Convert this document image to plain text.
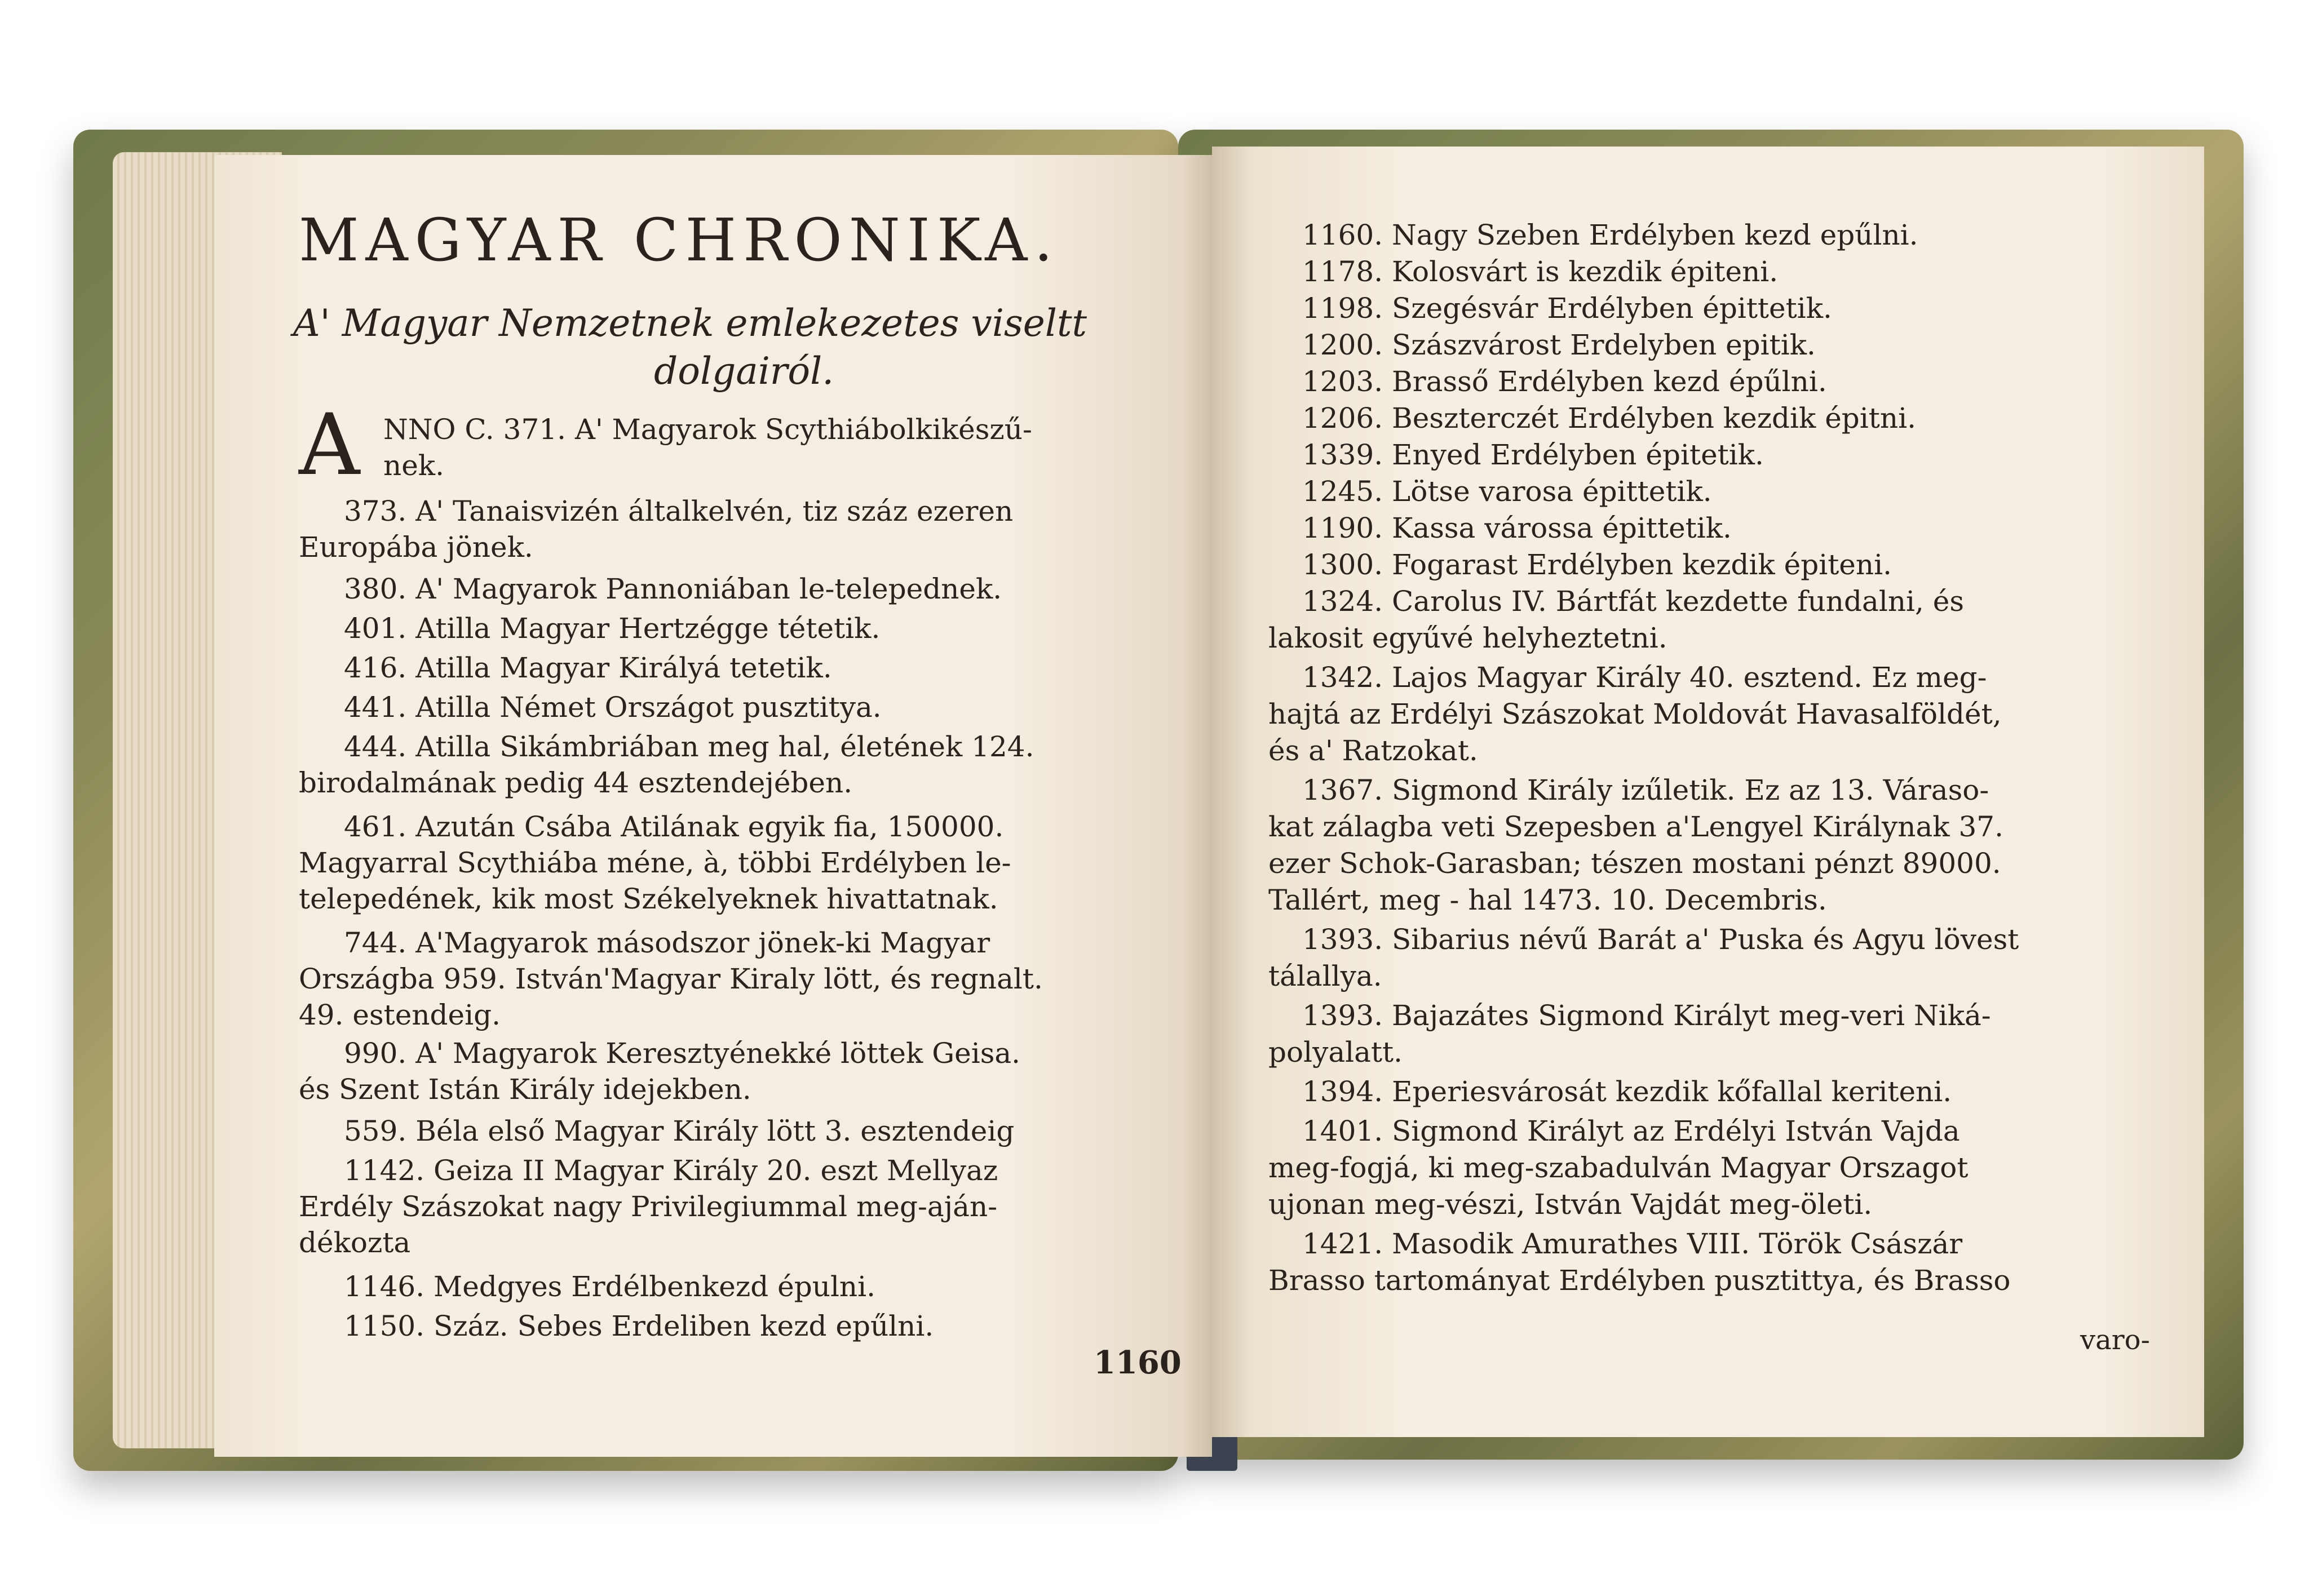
MAGYAR CHRONIKA.
A' Magyar Nemzetnek emlekezetes viseltt
dolgairól.
A NNO C. 371. A' Magyarok Scythiábolkikészű-
nek.
373. A' Tanaisvizén általkelvén, tiz száz ezeren
Europába jönek.
380. A' Magyarok Pannoniában le-telepednek.
401. Atilla Magyar Hertzégge tétetik.
416. Atilla Magyar Királyá tetetik.
441. Atilla Német Országot pusztitya.
444. Atilla Sikámbriában meg hal, életének 124.
birodalmának pedig 44 esztendejében.
461. Azután Csába Atilának egyik fia, 150000.
Magyarral Scythiába méne, à, többi Erdélyben le-
telepedének, kik most Székelyeknek hivattatnak.
744. A'Magyarok másodszor jönek-ki Magyar
Országba 959. István'Magyar Kiraly lött, és regnalt.
49. estendeig.
990. A' Magyarok Keresztyénekké löttek Geisa.
és Szent Istán Király idejekben.
559. Béla első Magyar Király lött 3. esztendeig
1142. Geiza II Magyar Király 20. eszt Mellyaz
Erdély Szászokat nagy Privilegiummal meg-aján-
dékozta
1146. Medgyes Erdélbenkezd épulni.
1150. Száz. Sebes Erdeliben kezd epűlni.
1160
1160. Nagy Szeben Erdélyben kezd epűlni.
1178. Kolosvárt is kezdik épiteni.
1198. Szegésvár Erdélyben épittetik.
1200. Szászvárost Erdelyben epitik.
1203. Brasső Erdélyben kezd épűlni.
1206. Beszterczét Erdélyben kezdik épitni.
1339. Enyed Erdélyben épitetik.
1245. Lötse varosa épittetik.
1190. Kassa várossa épittetik.
1300. Fogarast Erdélyben kezdik épiteni.
1324. Carolus IV. Bártfát kezdette fundalni, és
lakosit egyűvé helyheztetni.
1342. Lajos Magyar Király 40. esztend. Ez meg-
hajtá az Erdélyi Szászokat Moldovát Havasalföldét,
és a' Ratzokat.
1367. Sigmond Király izűletik. Ez az 13. Váraso-
kat zálagba veti Szepesben a'Lengyel Királynak 37.
ezer Schok-Garasban; tészen mostani pénzt 89000.
Tallért, meg - hal 1473. 10. Decembris.
1393. Sibarius névű Barát a' Puska és Agyu lövest
tálallya.
1393. Bajazátes Sigmond Királyt meg-veri Niká-
polyalatt.
1394. Eperiesvárosát kezdik kőfallal keriteni.
1401. Sigmond Királyt az Erdélyi István Vajda
meg-fogjá, ki meg-szabadulván Magyar Orszagot
ujonan meg-vészi, István Vajdát meg-öleti.
1421. Masodik Amurathes VIII. Török Császár
Brasso tartományat Erdélyben pusztittya, és Brasso
varo-
